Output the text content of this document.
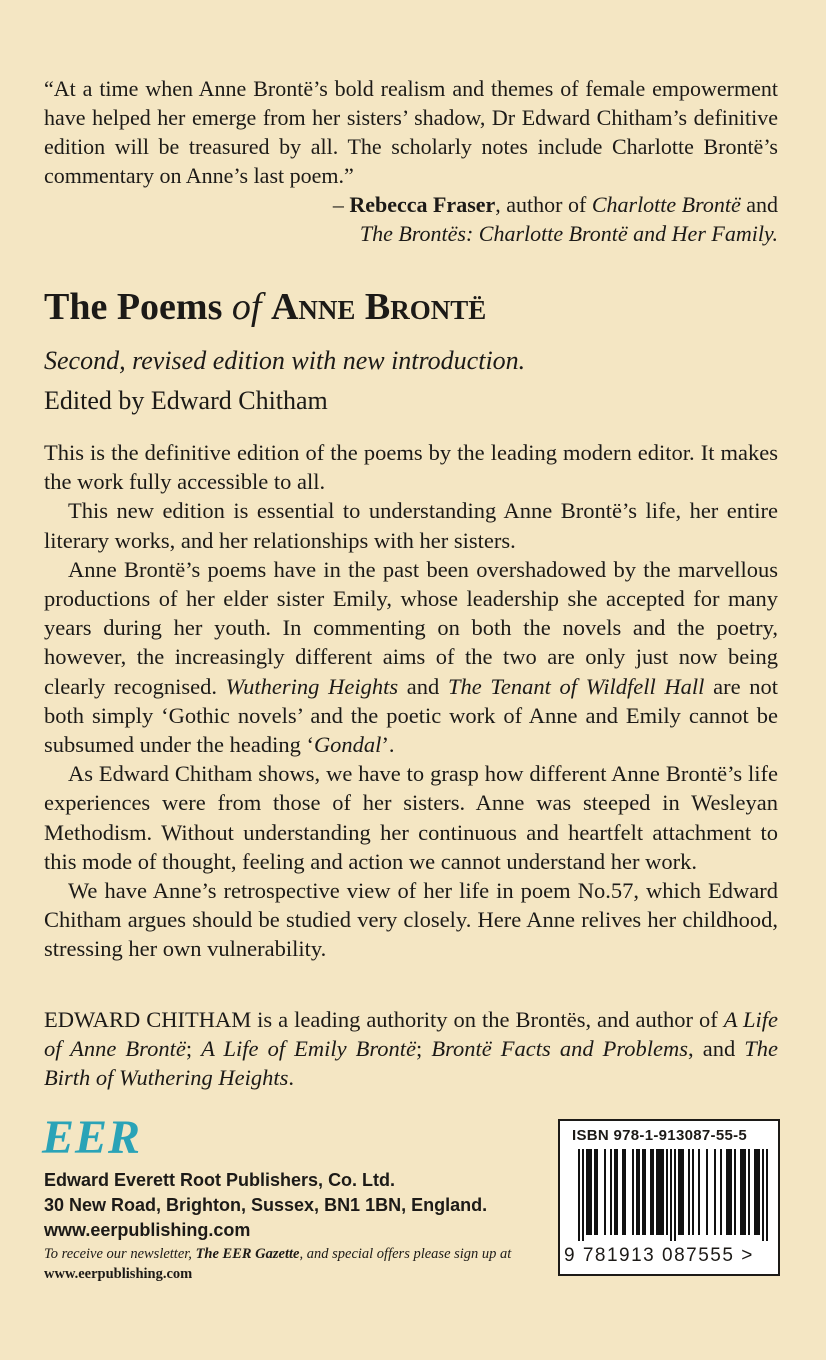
“At a time when Anne Brontë’s bold realism and themes of female empowerment have helped her emerge from her sisters’ shadow, Dr Edward Chitham’s definitive edition will be treasured by all. The scholarly notes include Charlotte Brontë’s commentary on Anne’s last poem.”

– Rebecca Fraser, author of Charlotte Brontë and
The Brontës: Charlotte Brontë and Her Family.

The Poems of Anne Brontë

Second, revised edition with new introduction.

Edited by Edward Chitham

This is the definitive edition of the poems by the leading modern editor. It makes the work fully accessible to all.

This new edition is essential to understanding Anne Brontë’s life, her entire literary works, and her relationships with her sisters.

Anne Brontë’s poems have in the past been overshadowed by the marvellous productions of her elder sister Emily, whose leadership she accepted for many years during her youth. In commenting on both the novels and the poetry, however, the increasingly different aims of the two are only just now being clearly recognised. Wuthering Heights and The Tenant of Wildfell Hall are not both simply ‘Gothic novels’ and the poetic work of Anne and Emily cannot be subsumed under the heading ‘Gondal’.

As Edward Chitham shows, we have to grasp how different Anne Brontë’s life experiences were from those of her sisters. Anne was steeped in Wesleyan Methodism. Without understanding her continuous and heartfelt attachment to this mode of thought, feeling and action we cannot understand her work.

We have Anne’s retrospective view of her life in poem No.57, which Edward Chitham argues should be studied very closely. Here Anne relives her childhood, stressing her own vulnerability.

EDWARD CHITHAM is a leading authority on the Brontës, and author of A Life of Anne Brontë; A Life of Emily Brontë; Brontë Facts and Problems, and The Birth of Wuthering Heights.

EER
Edward Everett Root Publishers, Co. Ltd.
30 New Road, Brighton, Sussex, BN1 1BN, England.
www.eerpublishing.com
To receive our newsletter, The EER Gazette, and special offers please sign up at www.eerpublishing.com
ISBN 978-1-913087-55-5
9 781913 087555 >
